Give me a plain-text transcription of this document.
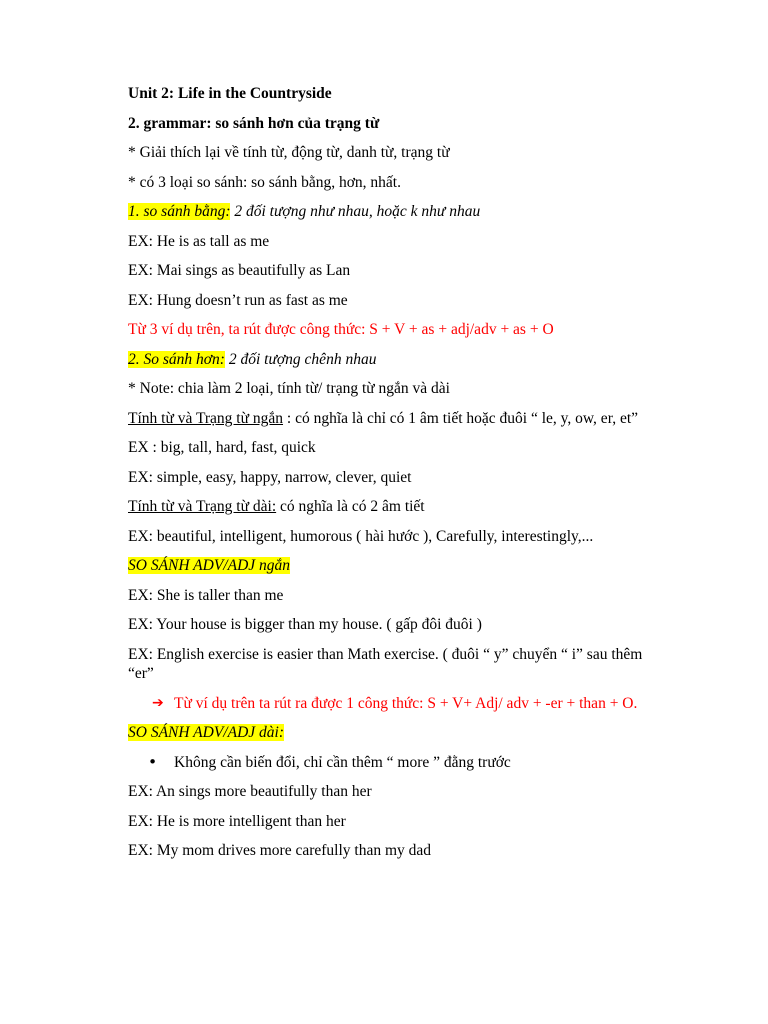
Unit 2: Life in the Countryside

2. grammar: so sánh hơn của trạng từ

* Giải thích lại về tính từ, động từ, danh từ, trạng từ

* có 3 loại so sánh: so sánh bằng, hơn, nhất.

1. so sánh bằng: 2 đối tượng như nhau, hoặc k như nhau

EX: He is as tall as me

EX: Mai sings as beautifully as Lan

EX: Hung doesn’t run as fast as me

Từ 3 ví dụ trên, ta rút được công thức: S + V + as + adj/adv + as + O

2. So sánh hơn: 2 đối tượng chênh nhau

* Note: chia làm 2 loại, tính từ/ trạng từ ngắn và dài

Tính từ và Trạng từ ngắn : có nghĩa là chỉ có 1 âm tiết hoặc đuôi “ le, y, ow, er, et”

EX : big, tall, hard, fast, quick

EX: simple, easy, happy, narrow, clever, quiet

Tính từ và Trạng từ dài: có nghĩa là có 2 âm tiết

EX: beautiful, intelligent, humorous ( hài hước ), Carefully, interestingly,...

SO SÁNH ADV/ADJ ngắn

EX: She is taller than me

EX: Your house is bigger than my house. ( gấp đôi đuôi )

EX: English exercise is easier than Math exercise. ( đuôi “ y” chuyển “ i” sau thêm “er”

➔ Từ ví dụ trên ta rút ra được 1 công thức: S + V+ Adj/ adv + -er + than + O.

SO SÁNH ADV/ADJ dài:

•	Không cần biến đổi, chỉ cần thêm “ more ” đằng trước

EX: An sings more beautifully than her

EX: He is more intelligent than her

EX: My mom drives more carefully than my dad
